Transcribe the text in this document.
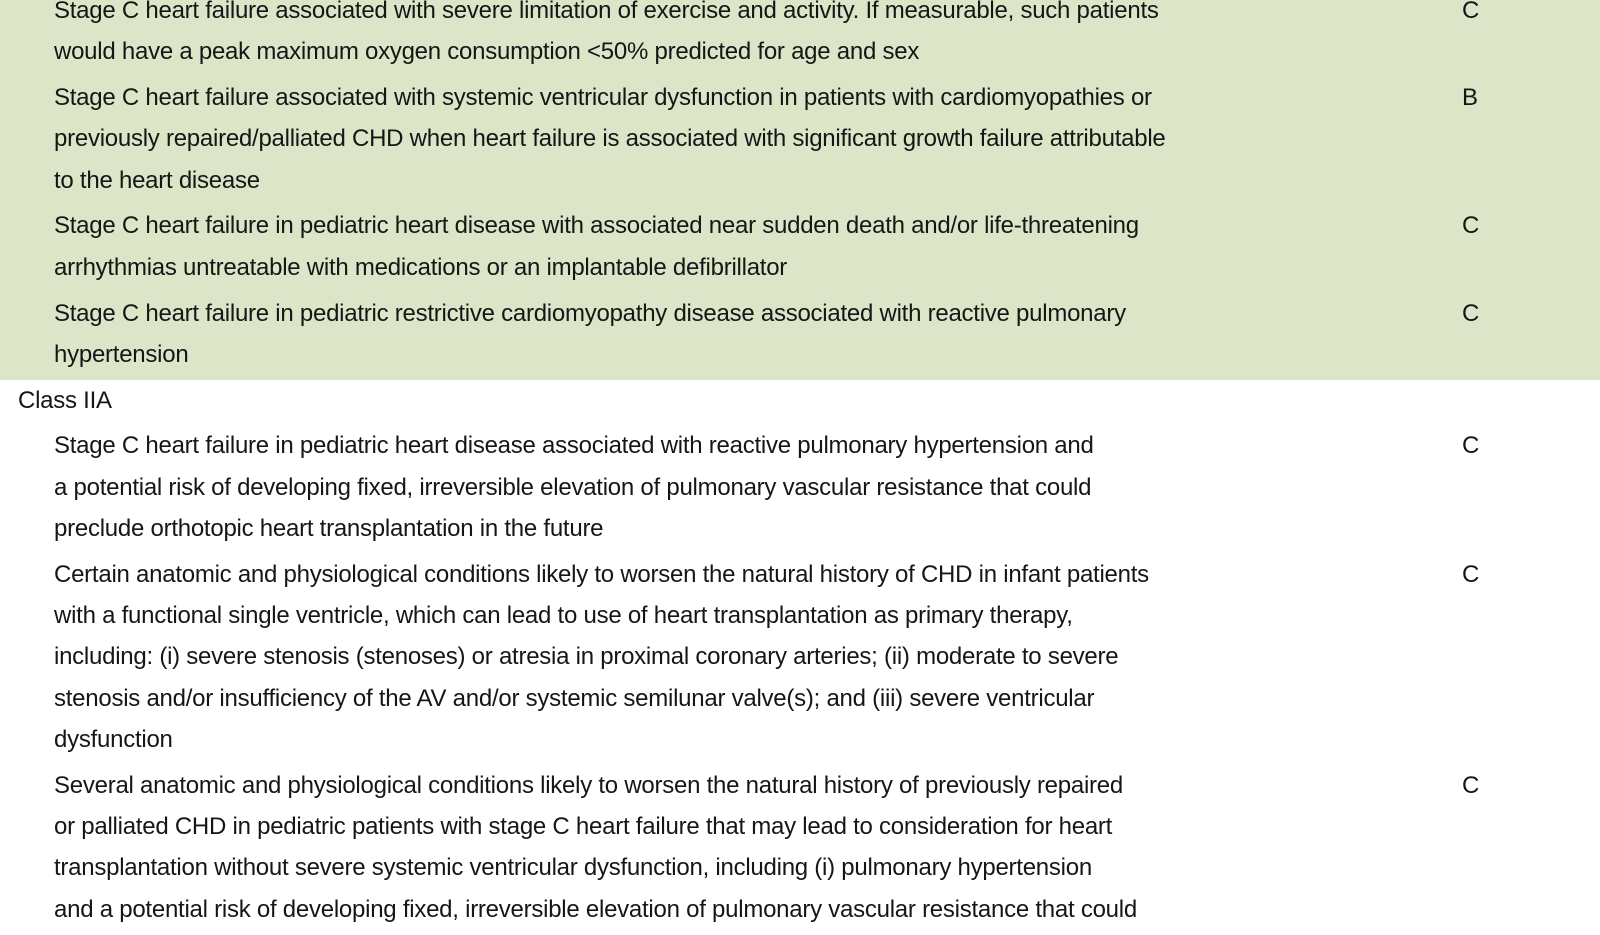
Stage C heart failure associated with severe limitation of exercise and activity. If measurable, such patients
would have a peak maximum oxygen consumption <50% predicted for age and sex
C
Stage C heart failure associated with systemic ventricular dysfunction in patients with cardiomyopathies or
previously repaired/palliated CHD when heart failure is associated with significant growth failure attributable
to the heart disease
B
Stage C heart failure in pediatric heart disease with associated near sudden death and/or life-threatening
arrhythmias untreatable with medications or an implantable defibrillator
C
Stage C heart failure in pediatric restrictive cardiomyopathy disease associated with reactive pulmonary
hypertension
C
Class IIA
Stage C heart failure in pediatric heart disease associated with reactive pulmonary hypertension and
a potential risk of developing fixed, irreversible elevation of pulmonary vascular resistance that could
preclude orthotopic heart transplantation in the future
C
Certain anatomic and physiological conditions likely to worsen the natural history of CHD in infant patients
with a functional single ventricle, which can lead to use of heart transplantation as primary therapy,
including: (i) severe stenosis (stenoses) or atresia in proximal coronary arteries; (ii) moderate to severe
stenosis and/or insufficiency of the AV and/or systemic semilunar valve(s); and (iii) severe ventricular
dysfunction
C
Several anatomic and physiological conditions likely to worsen the natural history of previously repaired
or palliated CHD in pediatric patients with stage C heart failure that may lead to consideration for heart
transplantation without severe systemic ventricular dysfunction, including (i) pulmonary hypertension
and a potential risk of developing fixed, irreversible elevation of pulmonary vascular resistance that could
C
